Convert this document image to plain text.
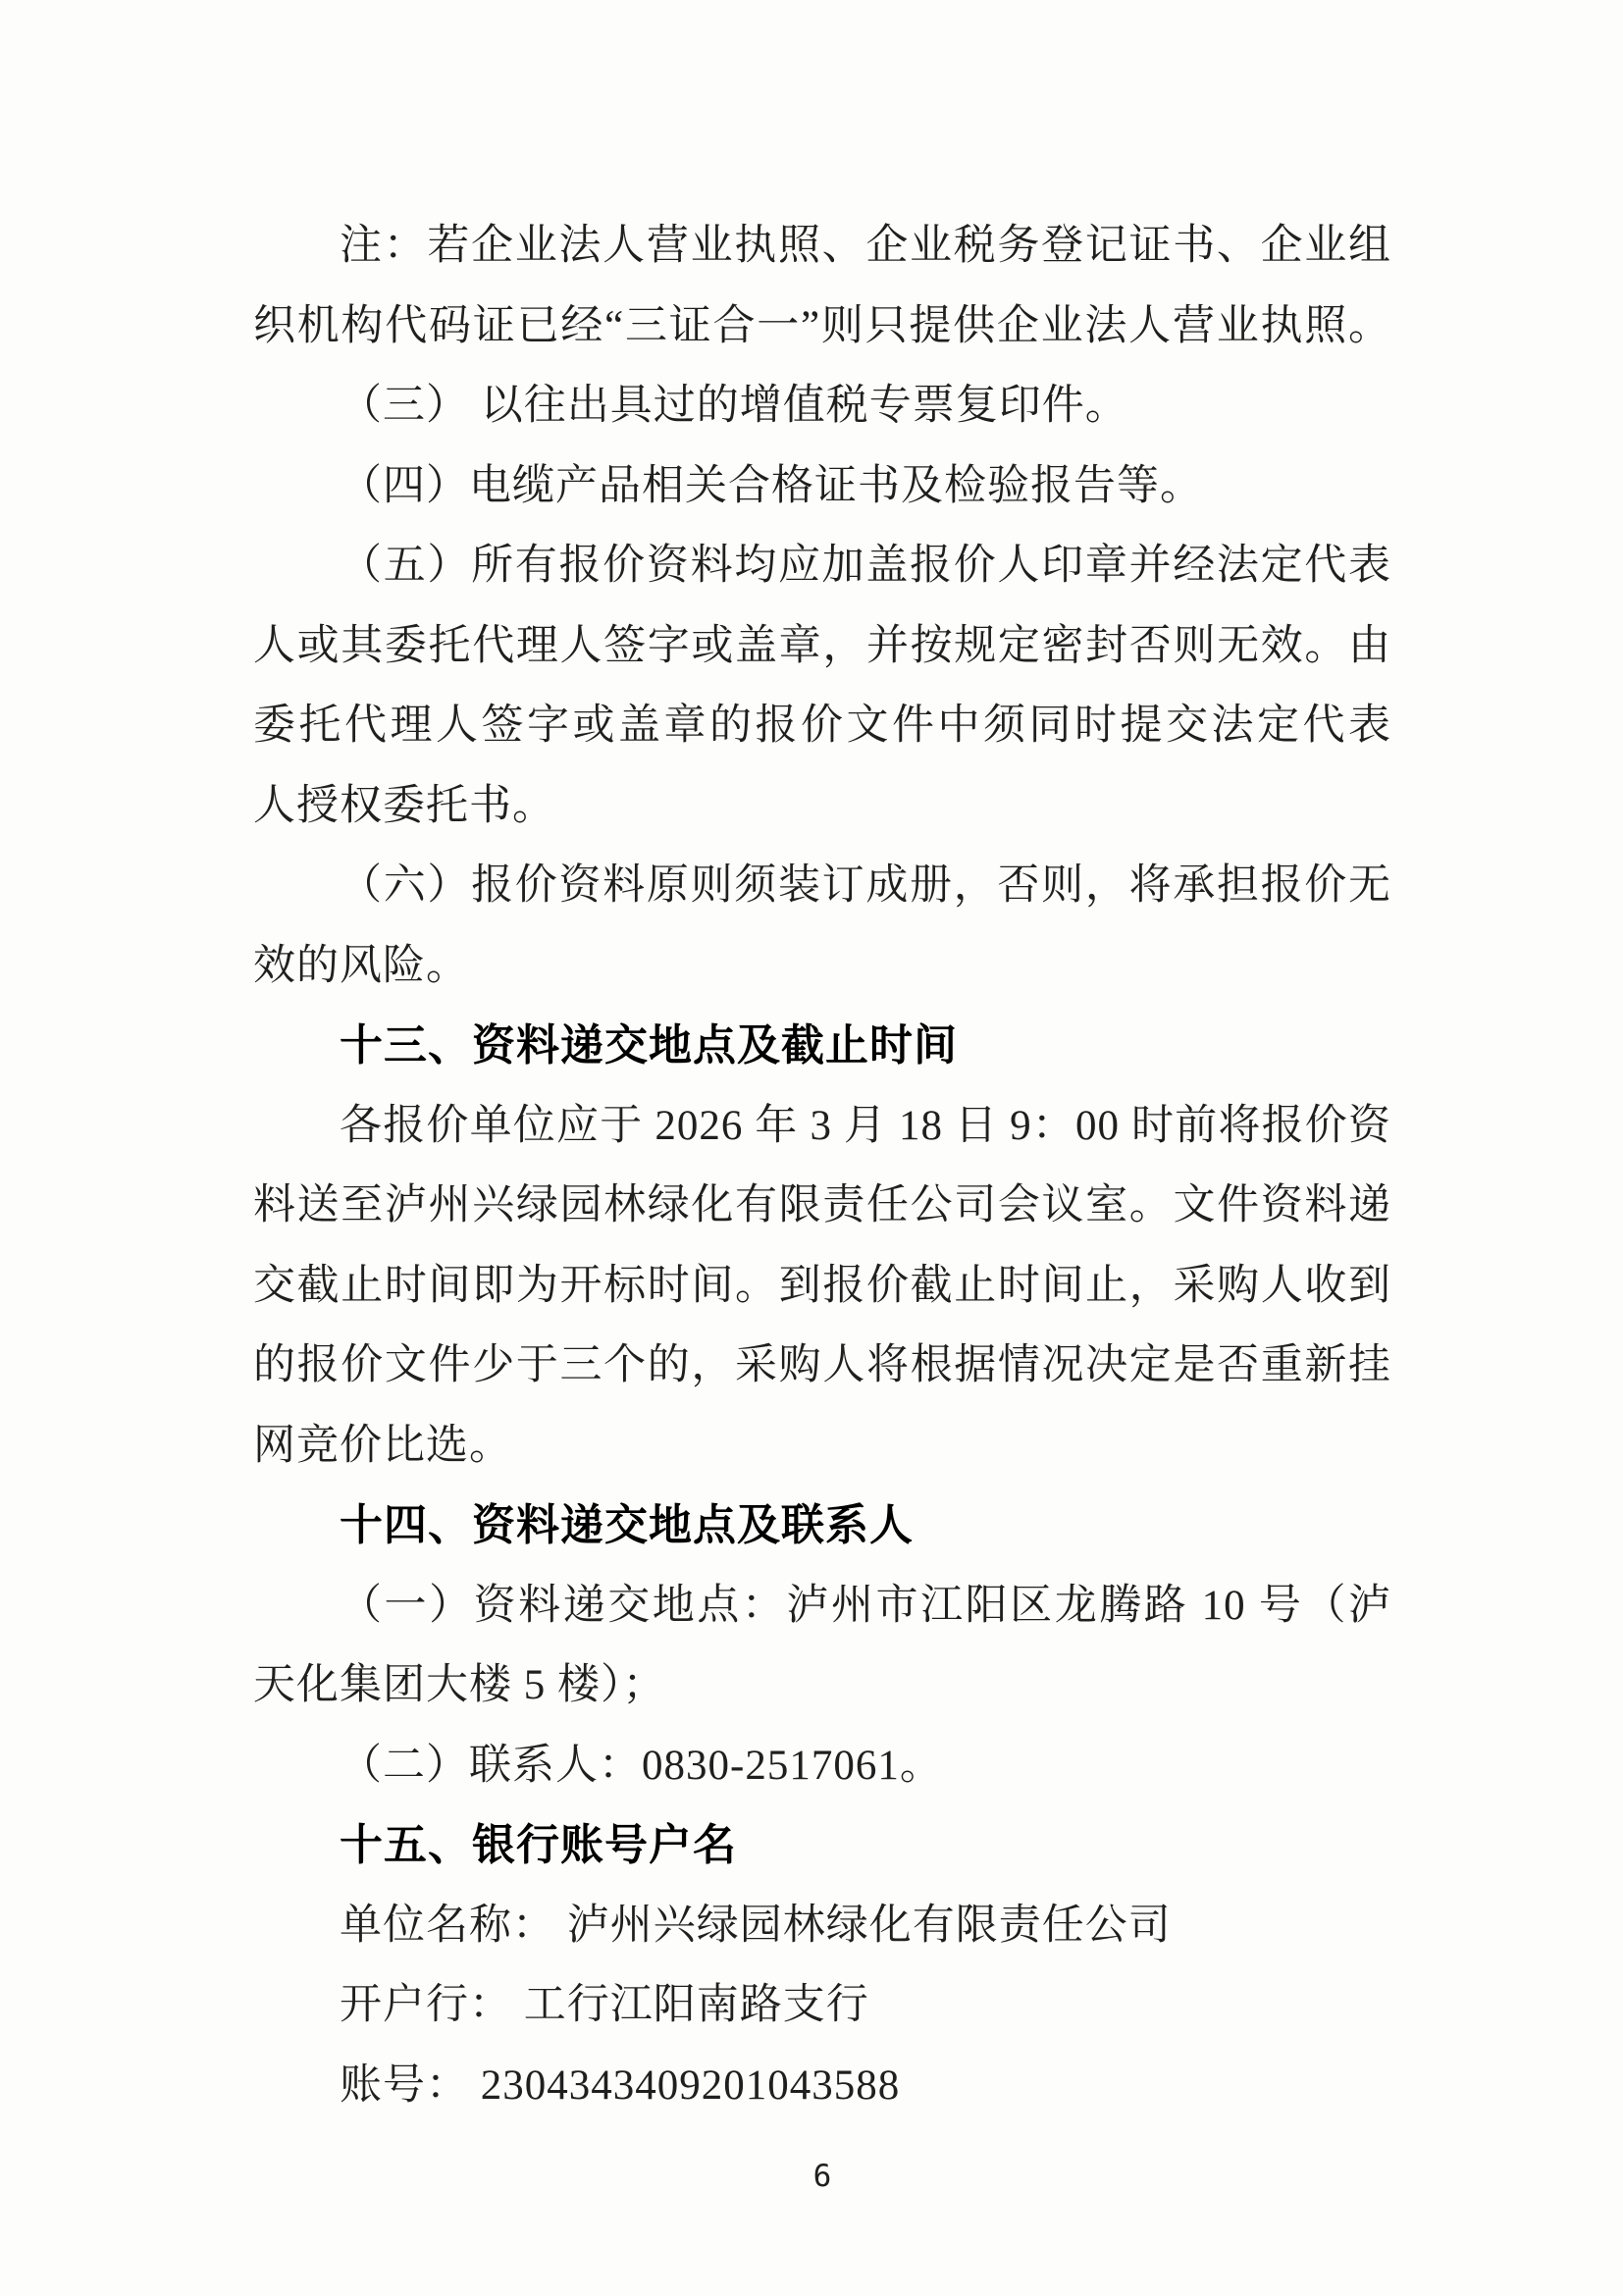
注：若企业法人营业执照、企业税务登记证书、企业组

织机构代码证已经“三证合一”则只提供企业法人营业执照。

（三） 以往出具过的增值税专票复印件。

（四）电缆产品相关合格证书及检验报告等。

（五）所有报价资料均应加盖报价人印章并经法定代表

人或其委托代理人签字或盖章，并按规定密封否则无效。由

委托代理人签字或盖章的报价文件中须同时提交法定代表

人授权委托书。

（六）报价资料原则须装订成册，否则，将承担报价无

效的风险。

十三、资料递交地点及截止时间

各报价单位应于 2026 年 3 月 18 日 9：00 时前将报价资

料送至泸州兴绿园林绿化有限责任公司会议室。文件资料递

交截止时间即为开标时间。到报价截止时间止，采购人收到

的报价文件少于三个的，采购人将根据情况决定是否重新挂

网竞价比选。

十四、资料递交地点及联系人

（一）资料递交地点：泸州市江阳区龙腾路 10 号（泸

天化集团大楼 5 楼）；

（二）联系人：0830-2517061。

十五、银行账号户名

单位名称： 泸州兴绿园林绿化有限责任公司

开户行： 工行江阳南路支行

账号： 2304343409201043588

6
